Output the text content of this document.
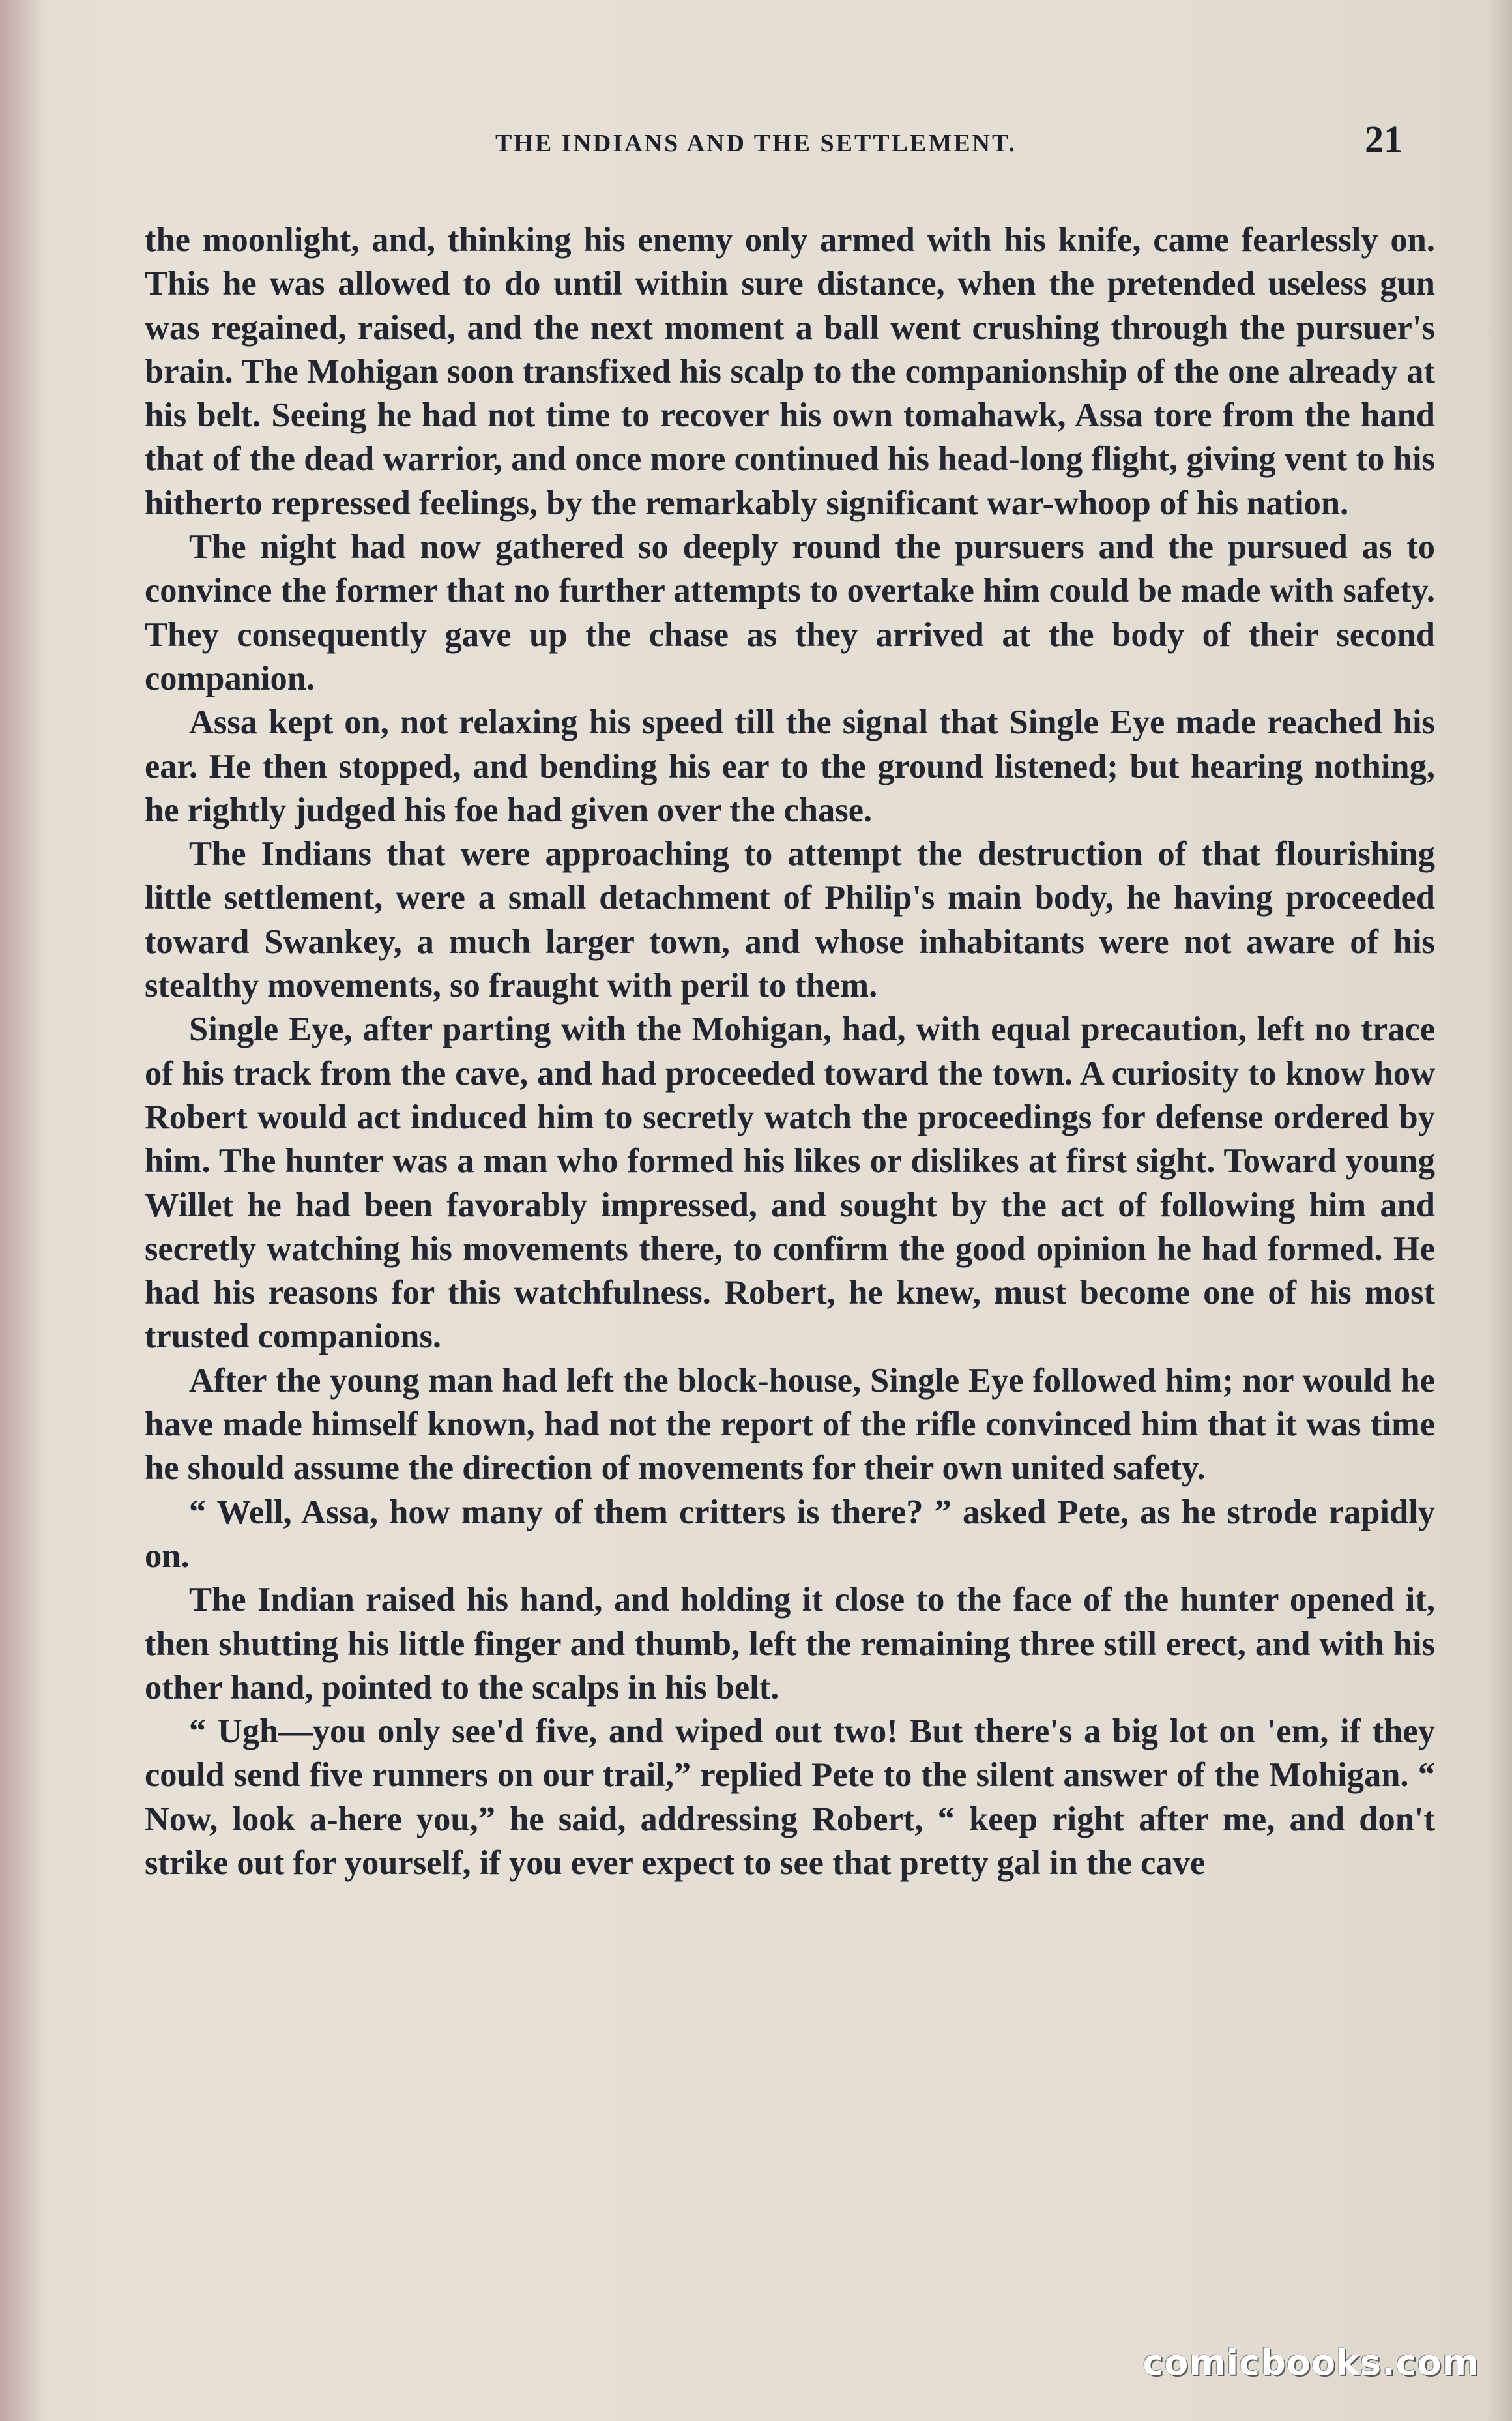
THE INDIANS AND THE SETTLEMENT.	21

the moonlight, and, thinking his enemy only armed with his knife, came fearlessly on. This he was allowed to do until within sure distance, when the pretended useless gun was regained, raised, and the next moment a ball went crushing through the pursuer's brain. The Mohigan soon transfixed his scalp to the companionship of the one already at his belt. Seeing he had not time to recover his own tomahawk, Assa tore from the hand that of the dead warrior, and once more continued his head-long flight, giving vent to his hitherto repressed feelings, by the remarkably significant war-whoop of his nation.

The night had now gathered so deeply round the pursuers and the pursued as to convince the former that no further attempts to overtake him could be made with safety. They consequently gave up the chase as they arrived at the body of their second companion.

Assa kept on, not relaxing his speed till the signal that Single Eye made reached his ear. He then stopped, and bending his ear to the ground listened; but hearing nothing, he rightly judged his foe had given over the chase.

The Indians that were approaching to attempt the destruction of that flourishing little settlement, were a small detachment of Philip's main body, he having proceeded toward Swankey, a much larger town, and whose inhabitants were not aware of his stealthy movements, so fraught with peril to them.

Single Eye, after parting with the Mohigan, had, with equal precaution, left no trace of his track from the cave, and had proceeded toward the town. A curiosity to know how Robert would act induced him to secretly watch the proceedings for defense ordered by him. The hunter was a man who formed his likes or dislikes at first sight. Toward young Willet he had been favorably impressed, and sought by the act of following him and secretly watching his movements there, to confirm the good opinion he had formed. He had his reasons for this watchfulness. Robert, he knew, must become one of his most trusted companions.

After the young man had left the block-house, Single Eye followed him; nor would he have made himself known, had not the report of the rifle convinced him that it was time he should assume the direction of movements for their own united safety.

“ Well, Assa, how many of them critters is there? ” asked Pete, as he strode rapidly on.

The Indian raised his hand, and holding it close to the face of the hunter opened it, then shutting his little finger and thumb, left the remaining three still erect, and with his other hand, pointed to the scalps in his belt.

“ Ugh—you only see'd five, and wiped out two! But there's a big lot on 'em, if they could send five runners on our trail,” replied Pete to the silent answer of the Mohigan. “ Now, look a-here you,” he said, addressing Robert, “ keep right after me, and don't strike out for yourself, if you ever expect to see that pretty gal in the cave

comicbooks.com
